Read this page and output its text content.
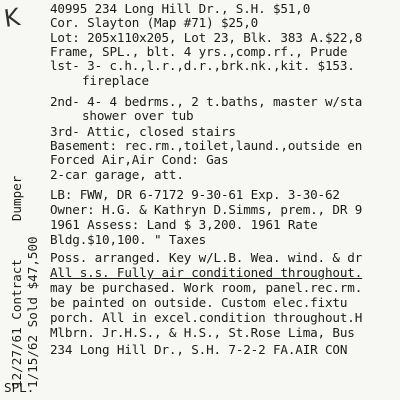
K 40995 234 Long Hill Dr., S.H. $51,0
Cor. Slayton (Map #71) $25,0
Lot: 205x110x205, Lot 23, Blk. 383 A.$22,8
Frame, SPL., blt. 4 yrs.,comp.rf., Prude
lst- 3- c.h.,l.r.,d.r.,brk.nk.,kit. $153.
fireplace
2nd- 4- 4 bedrms., 2 t.baths, master w/sta
shower over tub
3rd- Attic, closed stairs
Basement: rec.rm.,toilet,laund.,outside en
Forced Air,Air Cond: Gas
2-car garage, att.
LB: FWW, DR 6-7172 9-30-61 Exp. 3-30-62
Owner: H.G. & Kathryn D.Simms, prem., DR 9
1961 Assess: Land $ 3,200. 1961 Rate
Bldg.$10,100. " Taxes
Poss. arranged. Key w/L.B. Wea. wind. & dr
All s.s. Fully air conditioned throughout.
may be purchased. Work room, panel.rec.rm.
be painted on outside. Custom elec.fixtu
porch. All in excel.condition throughout.H
Mlbrn. Jr.H.S., & H.S., St.Rose Lima, Bus
234 Long Hill Dr., S.H. 7-2-2 FA.AIR CON
12/27/61 Contract     Dumper
1/15/62 Sold $47,500
SPL.
